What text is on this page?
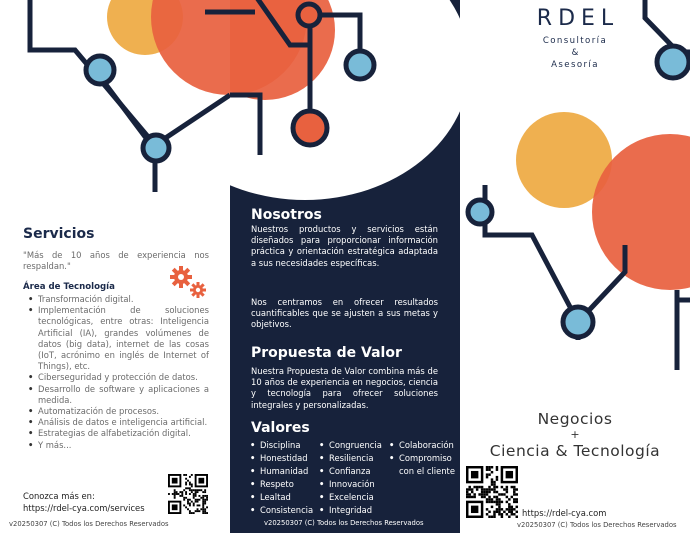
Servicios

"Más de 10 años de experiencia nos respaldan."

Área de Tecnología

• Transformación digital.
• Implementación de soluciones tecnológicas, entre otras: Inteligencia Artificial (IA), grandes volúmenes de datos (big data), internet de las cosas (IoT, acrónimo en inglés de Internet of Things), etc.
• Ciberseguridad y protección de datos.
• Desarrollo de software y aplicaciones a medida.
• Automatización de procesos.
• Análisis de datos e inteligencia artificial.
• Estrategias de alfabetización digital.
• Y más...

Conozca más en:

https://rdel-cya.com/services
v20250307 (C) Todos los Derechos Reservados
Nosotros

Nuestros productos y servicios están diseñados para proporcionar información práctica y orientación estratégica adaptada a sus necesidades específicas.

Nos centramos en ofrecer resultados cuantificables que se ajusten a sus metas y objetivos.

Propuesta de Valor

Nuestra Propuesta de Valor combina más de 10 años de experiencia en negocios, ciencia y tecnología para ofrecer soluciones integrales y personalizadas.

Valores
• Disciplina
• Honestidad
• Humanidad
• Respeto
• Lealtad
• Consistencia
• Congruencia
• Resiliencia
• Confianza
• Innovación
• Excelencia
• Integridad
• Colaboración
• Compromiso con el cliente
v20250307 (C) Todos los Derechos Reservados
RDEL
Consultoría
&
Asesoría
Negocios
+
Ciencia & Tecnología
https://rdel-cya.com
v20250307 (C) Todos los Derechos Reservados
